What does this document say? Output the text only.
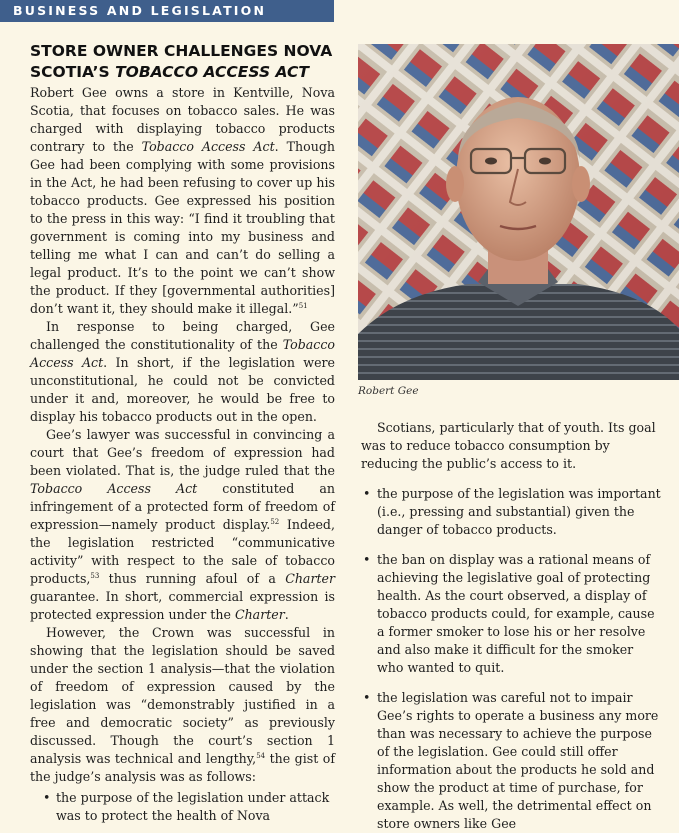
BUSINESS AND LEGISLATION
STORE OWNER CHALLENGES NOVA
SCOTIA’S TOBACCO ACCESS ACT

Robert Gee owns a store in Kentville, Nova Scotia, that focuses on tobacco sales. He was charged with displaying tobacco products contrary to the Tobacco Access Act. Though Gee had been complying with some provisions in the Act, he had been refusing to cover up his tobacco products. Gee expressed his position to the press in this way: “I find it troubling that government is coming into my business and telling me what I can and can’t do selling a legal product. It’s to the point we can’t show the product. If they [governmental authorities] don’t want it, they should make it illegal.”$^{51}$

In response to being charged, Gee challenged the constitutionality of the Tobacco Access Act. In short, if the legislation were unconstitutional, he could not be convicted under it and, moreover, he would be free to display his tobacco products out in the open.

Gee’s lawyer was successful in convincing a court that Gee’s freedom of expression had been violated. That is, the judge ruled that the Tobacco Access Act constituted an infringement of a protected form of freedom of expression—namely product display.$^{52}$ Indeed, the legislation restricted “communicative activity” with respect to the sale of tobacco products,$^{53}$ thus running afoul of a Charter guarantee. In short, commercial expression is protected expression under the Charter.

However, the Crown was successful in showing that the legislation should be saved under the section 1 analysis—that the violation of freedom of expression caused by the legislation was “demonstrably justified in a free and democratic society” as previously discussed. Though the court’s section 1 analysis was technical and lengthy,$^{54}$ the gist of the judge’s analysis was as follows:

• the purpose of the legislation under attack was to protect the health of Nova
Robert Gee

Scotians, particularly that of youth. Its goal was to reduce tobacco consumption by reducing the public’s access to it.

• the purpose of the legislation was important (i.e., pressing and substantial) given the danger of tobacco products.
• the ban on display was a rational means of achieving the legislative goal of protecting health. As the court observed, a display of tobacco products could, for example, cause a former smoker to lose his or her resolve and also make it difficult for the smoker who wanted to quit.
• the legislation was careful not to impair Gee’s rights to operate a business any more than was necessary to achieve the purpose of the legislation. Gee could still offer information about the products he sold and show the product at time of purchase, for example. As well, the detrimental effect on store owners like Gee
